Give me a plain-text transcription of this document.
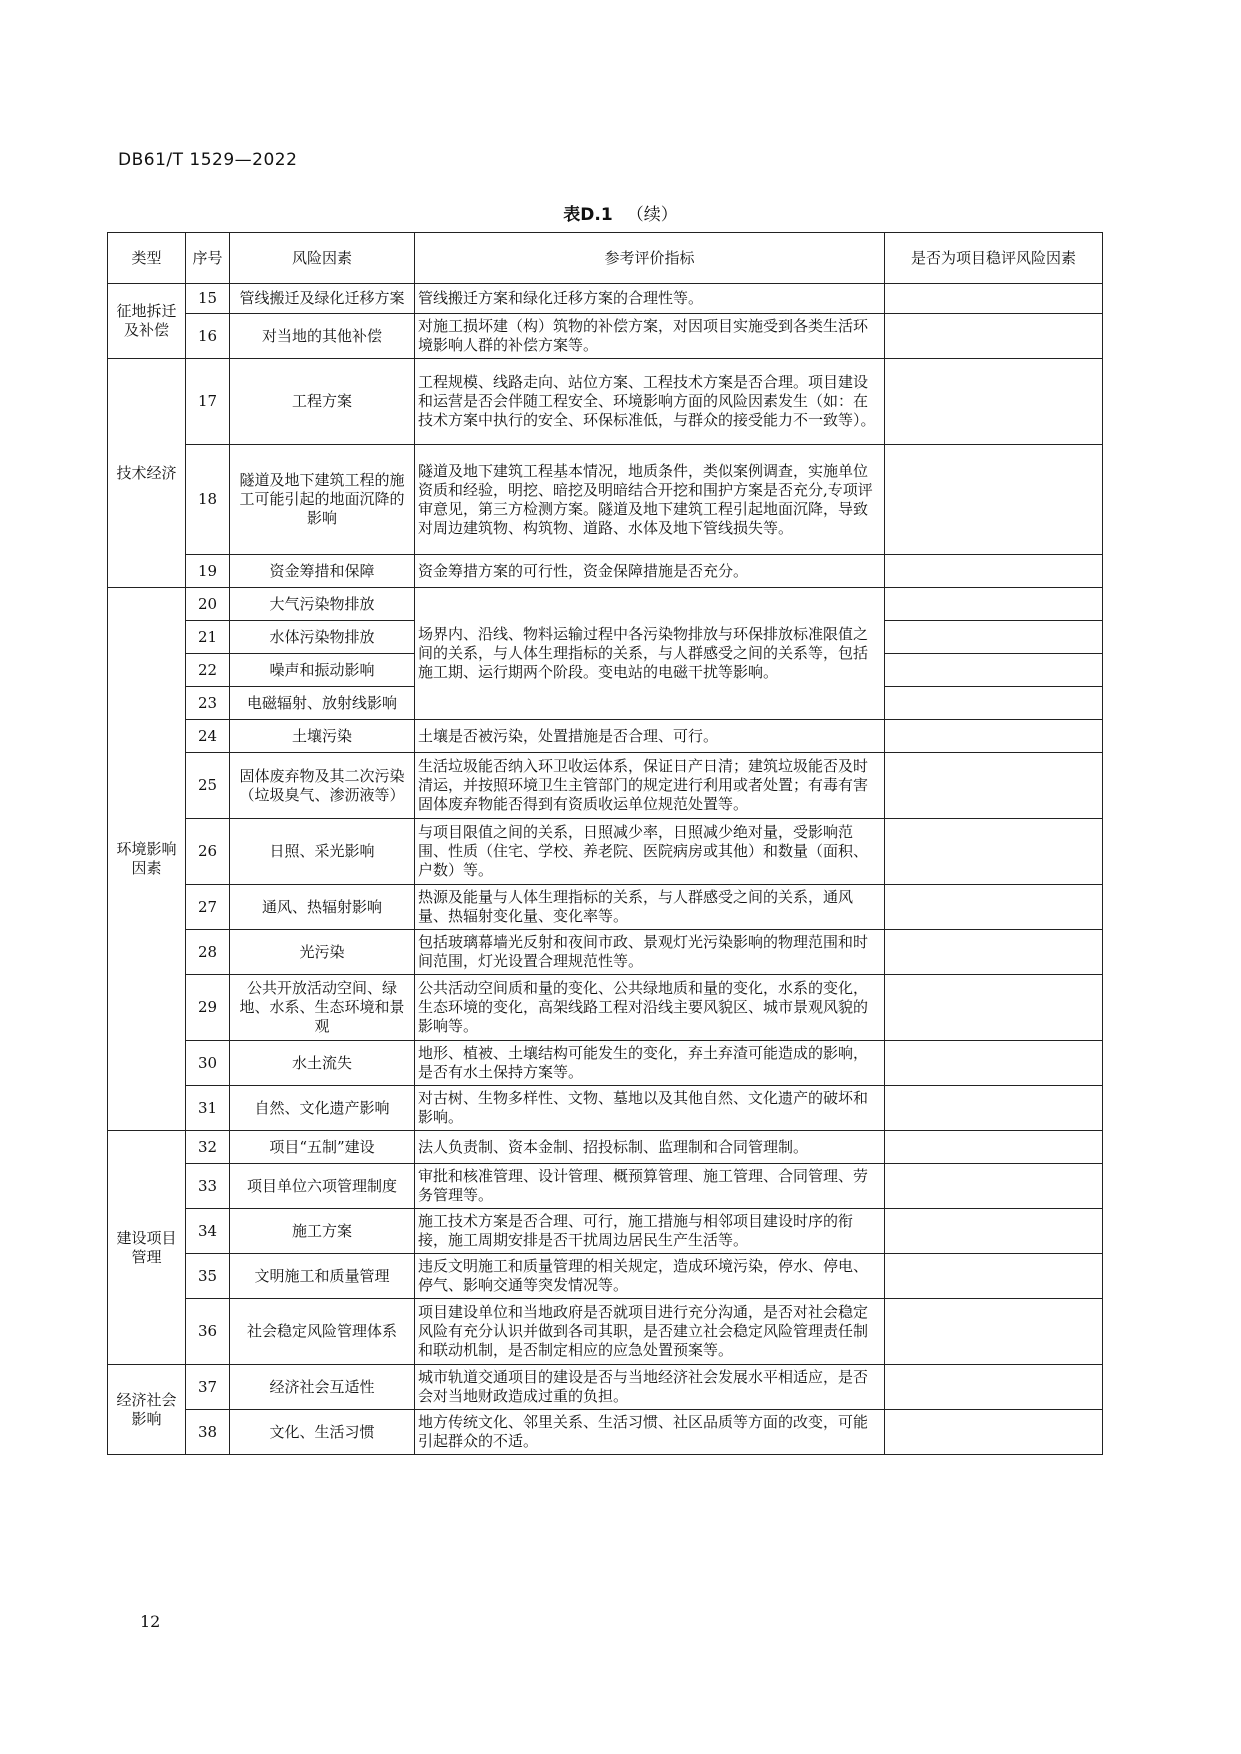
DB61/T 1529—2022
表D.1 （续）
类型	序号	风险因素	参考评价指标	是否为项目稳评风险因素
征地拆迁及补偿	15	管线搬迁及绿化迁移方案	管线搬迁方案和绿化迁移方案的合理性等。	
	16	对当地的其他补偿	对施工损坏建（构）筑物的补偿方案，对因项目实施受到各类生活环境影响人群的补偿方案等。	
技术经济	17	工程方案	工程规模、线路走向、站位方案、工程技术方案是否合理。项目建设和运营是否会伴随工程安全、环境影响方面的风险因素发生（如：在技术方案中执行的安全、环保标准低，与群众的接受能力不一致等）。	
	18	隧道及地下建筑工程的施工可能引起的地面沉降的影响	隧道及地下建筑工程基本情况，地质条件，类似案例调查，实施单位资质和经验，明挖、暗挖及明暗结合开挖和围护方案是否充分,专项评审意见，第三方检测方案。隧道及地下建筑工程引起地面沉降，导致对周边建筑物、构筑物、道路、水体及地下管线损失等。	
	19	资金筹措和保障	资金筹措方案的可行性，资金保障措施是否充分。	
环境影响因素	20	大气污染物排放	场界内、沿线、物料运输过程中各污染物排放与环保排放标准限值之间的关系，与人体生理指标的关系，与人群感受之间的关系等，包括施工期、运行期两个阶段。变电站的电磁干扰等影响。	
	21	水体污染物排放		
	22	噪声和振动影响		
	23	电磁辐射、放射线影响		
	24	土壤污染	土壤是否被污染，处置措施是否合理、可行。	
	25	固体废弃物及其二次污染（垃圾臭气、渗沥液等）	生活垃圾能否纳入环卫收运体系，保证日产日清；建筑垃圾能否及时清运，并按照环境卫生主管部门的规定进行利用或者处置；有毒有害固体废弃物能否得到有资质收运单位规范处置等。	
	26	日照、采光影响	与项目限值之间的关系，日照减少率，日照减少绝对量，受影响范围、性质（住宅、学校、养老院、医院病房或其他）和数量（面积、户数）等。	
	27	通风、热辐射影响	热源及能量与人体生理指标的关系，与人群感受之间的关系，通风量、热辐射变化量、变化率等。	
	28	光污染	包括玻璃幕墙光反射和夜间市政、景观灯光污染影响的物理范围和时间范围，灯光设置合理规范性等。	
	29	公共开放活动空间、绿地、水系、生态环境和景观	公共活动空间质和量的变化、公共绿地质和量的变化，水系的变化，生态环境的变化，高架线路工程对沿线主要风貌区、城市景观风貌的影响等。	
	30	水土流失	地形、植被、土壤结构可能发生的变化，弃土弃渣可能造成的影响，是否有水土保持方案等。	
	31	自然、文化遗产影响	对古树、生物多样性、文物、墓地以及其他自然、文化遗产的破坏和影响。	
建设项目管理	32	项目“五制”建设	法人负责制、资本金制、招投标制、监理制和合同管理制。	
	33	项目单位六项管理制度	审批和核准管理、设计管理、概预算管理、施工管理、合同管理、劳务管理等。	
	34	施工方案	施工技术方案是否合理、可行，施工措施与相邻项目建设时序的衔接，施工周期安排是否干扰周边居民生产生活等。	
	35	文明施工和质量管理	违反文明施工和质量管理的相关规定，造成环境污染，停水、停电、停气、影响交通等突发情况等。	
	36	社会稳定风险管理体系	项目建设单位和当地政府是否就项目进行充分沟通，是否对社会稳定风险有充分认识并做到各司其职，是否建立社会稳定风险管理责任制和联动机制，是否制定相应的应急处置预案等。	
经济社会影响	37	经济社会互适性	城市轨道交通项目的建设是否与当地经济社会发展水平相适应，是否会对当地财政造成过重的负担。	
	38	文化、生活习惯	地方传统文化、邻里关系、生活习惯、社区品质等方面的改变，可能引起群众的不适。	
12
